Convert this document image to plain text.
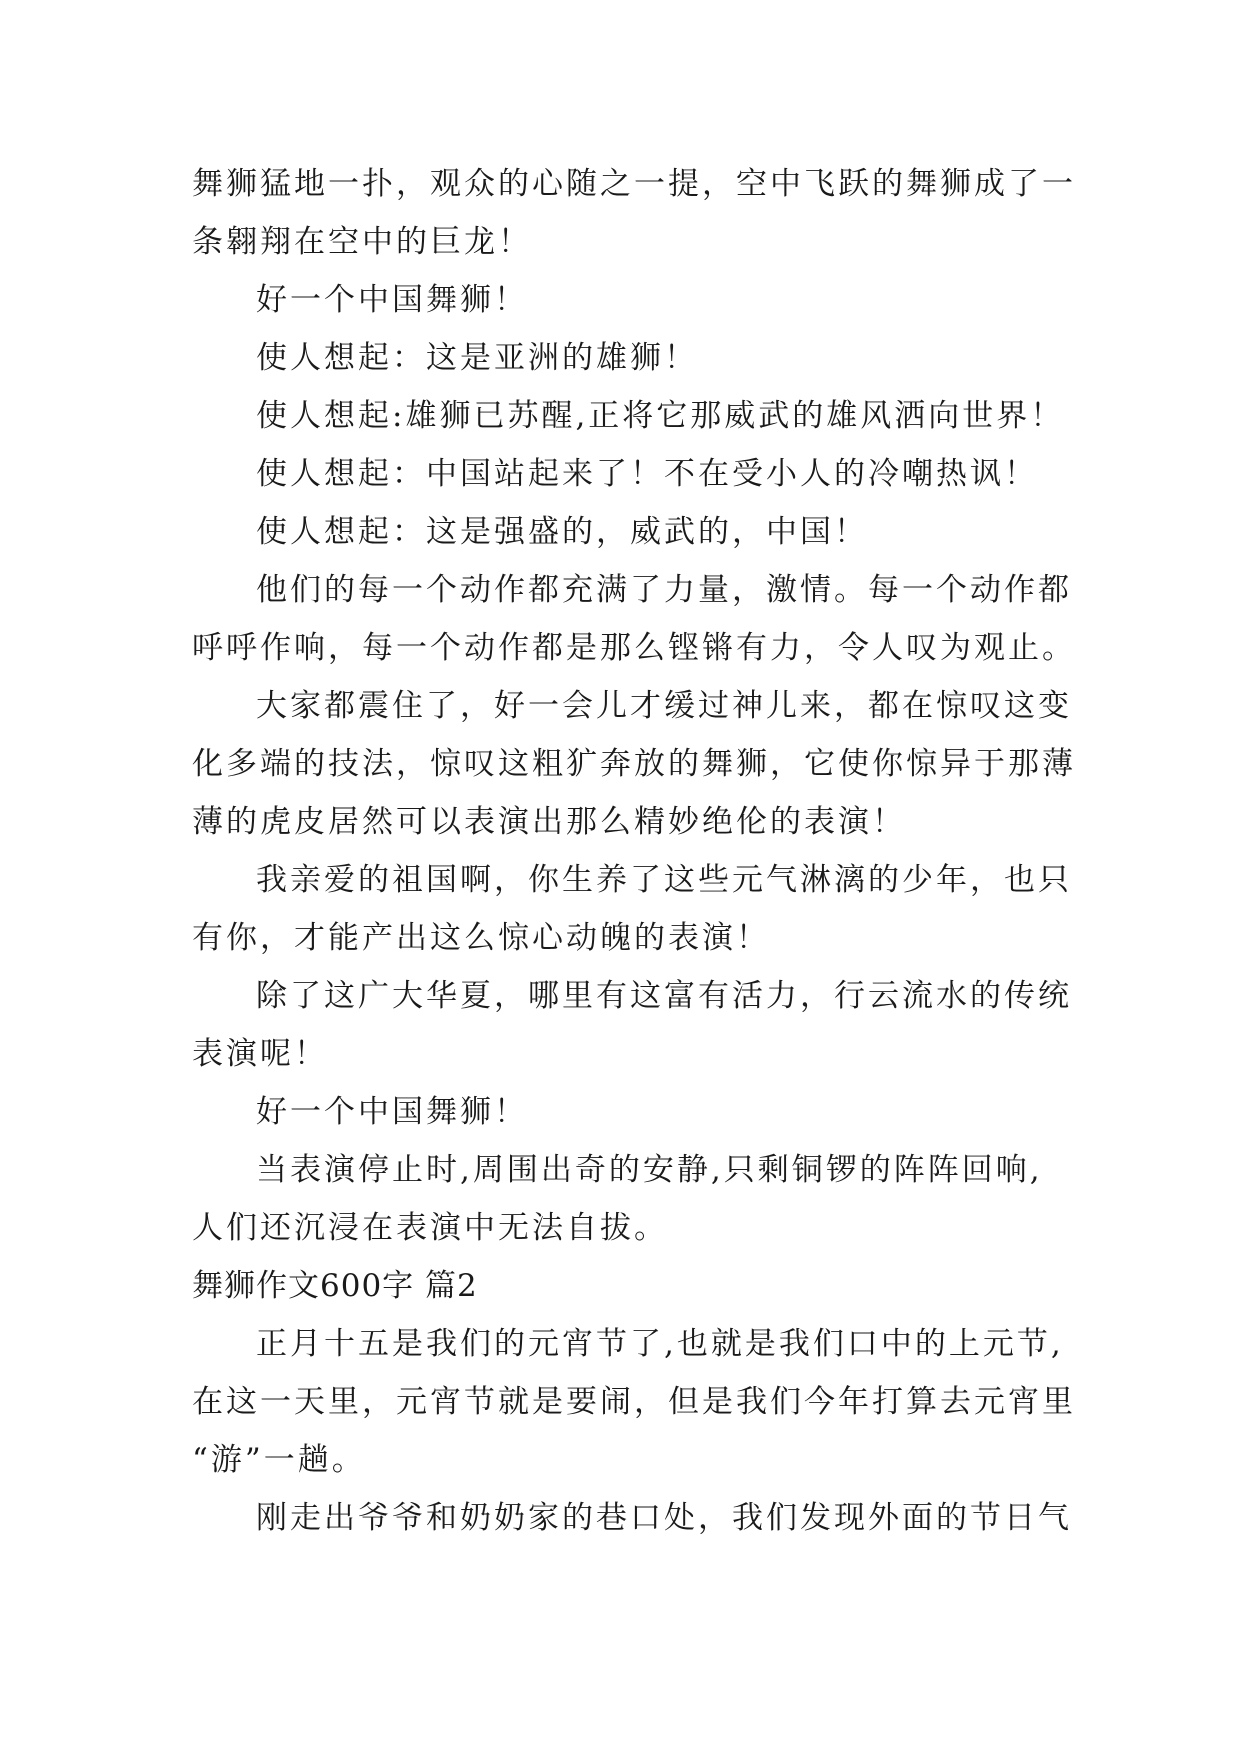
舞狮猛地一扑，观众的心随之一提，空中飞跃的舞狮成了一
条翱翔在空中的巨龙！
好一个中国舞狮！
使人想起：这是亚洲的雄狮！
使人想起:雄狮已苏醒,正将它那威武的雄风洒向世界！
使人想起：中国站起来了！不在受小人的冷嘲热讽！
使人想起：这是强盛的，威武的，中国！
他们的每一个动作都充满了力量，激情。每一个动作都
呼呼作响，每一个动作都是那么铿锵有力，令人叹为观止。
大家都震住了，好一会儿才缓过神儿来，都在惊叹这变
化多端的技法，惊叹这粗犷奔放的舞狮，它使你惊异于那薄
薄的虎皮居然可以表演出那么精妙绝伦的表演！
我亲爱的祖国啊，你生养了这些元气淋漓的少年，也只
有你，才能产出这么惊心动魄的表演！
除了这广大华夏，哪里有这富有活力，行云流水的传统
表演呢！
好一个中国舞狮！
当表演停止时,周围出奇的安静,只剩铜锣的阵阵回响,
人们还沉浸在表演中无法自拔。
舞狮作文600字 篇2
正月十五是我们的元宵节了,也就是我们口中的上元节,
在这一天里，元宵节就是要闹，但是我们今年打算去元宵里
“游”一趟。
刚走出爷爷和奶奶家的巷口处，我们发现外面的节日气
